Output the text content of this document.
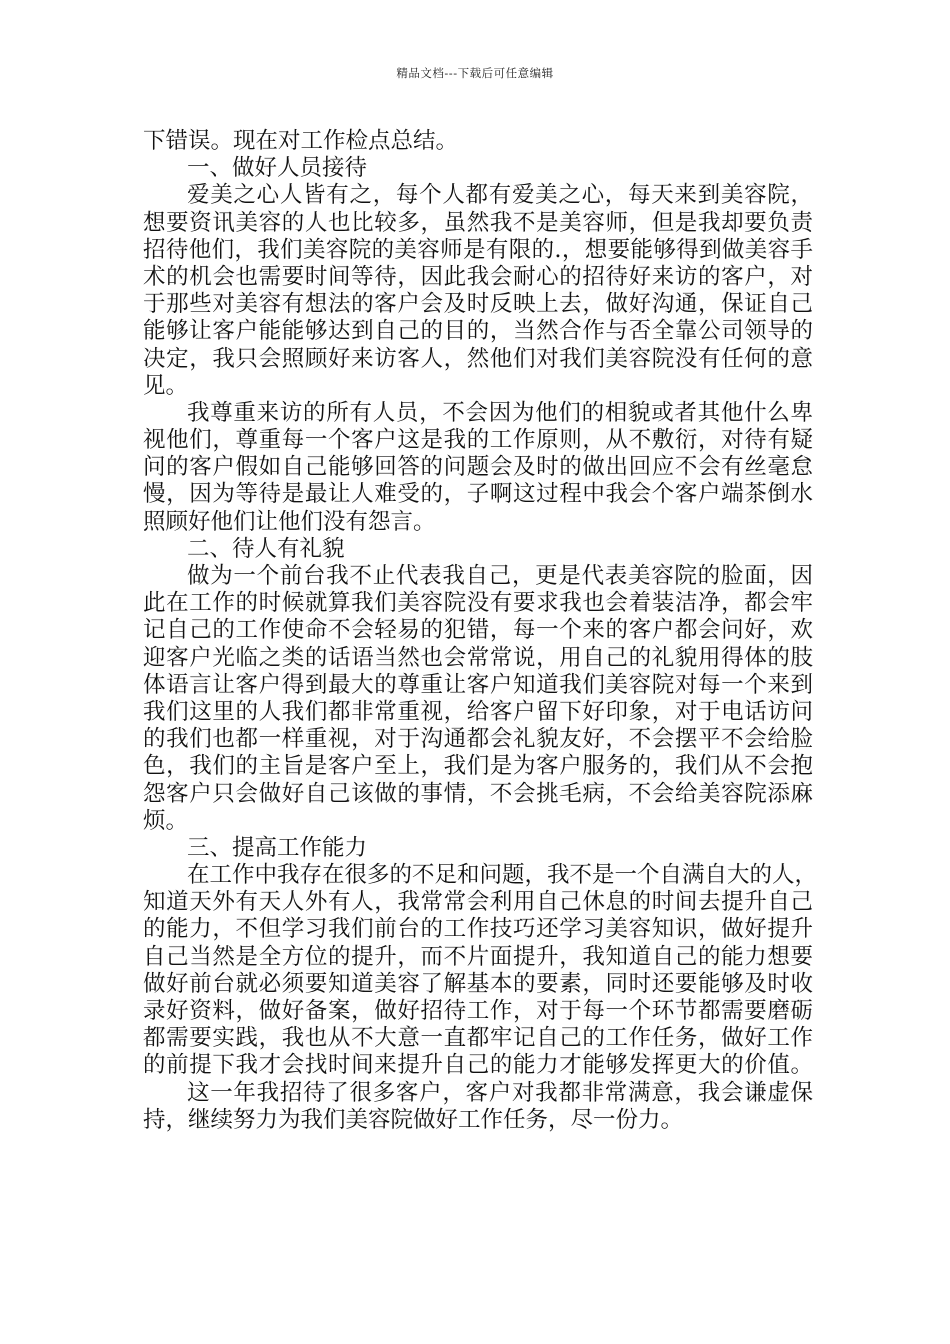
精品文档---下载后可任意编辑
下错误。现在对工作检点总结。
一、做好人员接待
爱美之心人皆有之，每个人都有爱美之心，每天来到美容院，
想要资讯美容的人也比较多，虽然我不是美容师，但是我却要负责
招待他们，我们美容院的美容师是有限的.，想要能够得到做美容手
术的机会也需要时间等待，因此我会耐心的招待好来访的客户，对
于那些对美容有想法的客户会及时反映上去，做好沟通，保证自己
能够让客户能能够达到自己的目的，当然合作与否全靠公司领导的
决定，我只会照顾好来访客人，然他们对我们美容院没有任何的意
见。
我尊重来访的所有人员，不会因为他们的相貌或者其他什么卑
视他们，尊重每一个客户这是我的工作原则，从不敷衍，对待有疑
问的客户假如自己能够回答的问题会及时的做出回应不会有丝毫怠
慢，因为等待是最让人难受的，子啊这过程中我会个客户端茶倒水
照顾好他们让他们没有怨言。
二、待人有礼貌
做为一个前台我不止代表我自己，更是代表美容院的脸面，因
此在工作的时候就算我们美容院没有要求我也会着装洁净，都会牢
记自己的工作使命不会轻易的犯错，每一个来的客户都会问好，欢
迎客户光临之类的话语当然也会常常说，用自己的礼貌用得体的肢
体语言让客户得到最大的尊重让客户知道我们美容院对每一个来到
我们这里的人我们都非常重视，给客户留下好印象，对于电话访问
的我们也都一样重视，对于沟通都会礼貌友好，不会摆平不会给脸
色，我们的主旨是客户至上，我们是为客户服务的，我们从不会抱
怨客户只会做好自己该做的事情，不会挑毛病，不会给美容院添麻
烦。
三、提高工作能力
在工作中我存在很多的不足和问题，我不是一个自满自大的人，
知道天外有天人外有人，我常常会利用自己休息的时间去提升自己
的能力，不但学习我们前台的工作技巧还学习美容知识，做好提升
自己当然是全方位的提升，而不片面提升，我知道自己的能力想要
做好前台就必须要知道美容了解基本的要素，同时还要能够及时收
录好资料，做好备案，做好招待工作，对于每一个环节都需要磨砺
都需要实践，我也从不大意一直都牢记自己的工作任务，做好工作
的前提下我才会找时间来提升自己的能力才能够发挥更大的价值。
这一年我招待了很多客户，客户对我都非常满意，我会谦虚保
持，继续努力为我们美容院做好工作任务，尽一份力。
